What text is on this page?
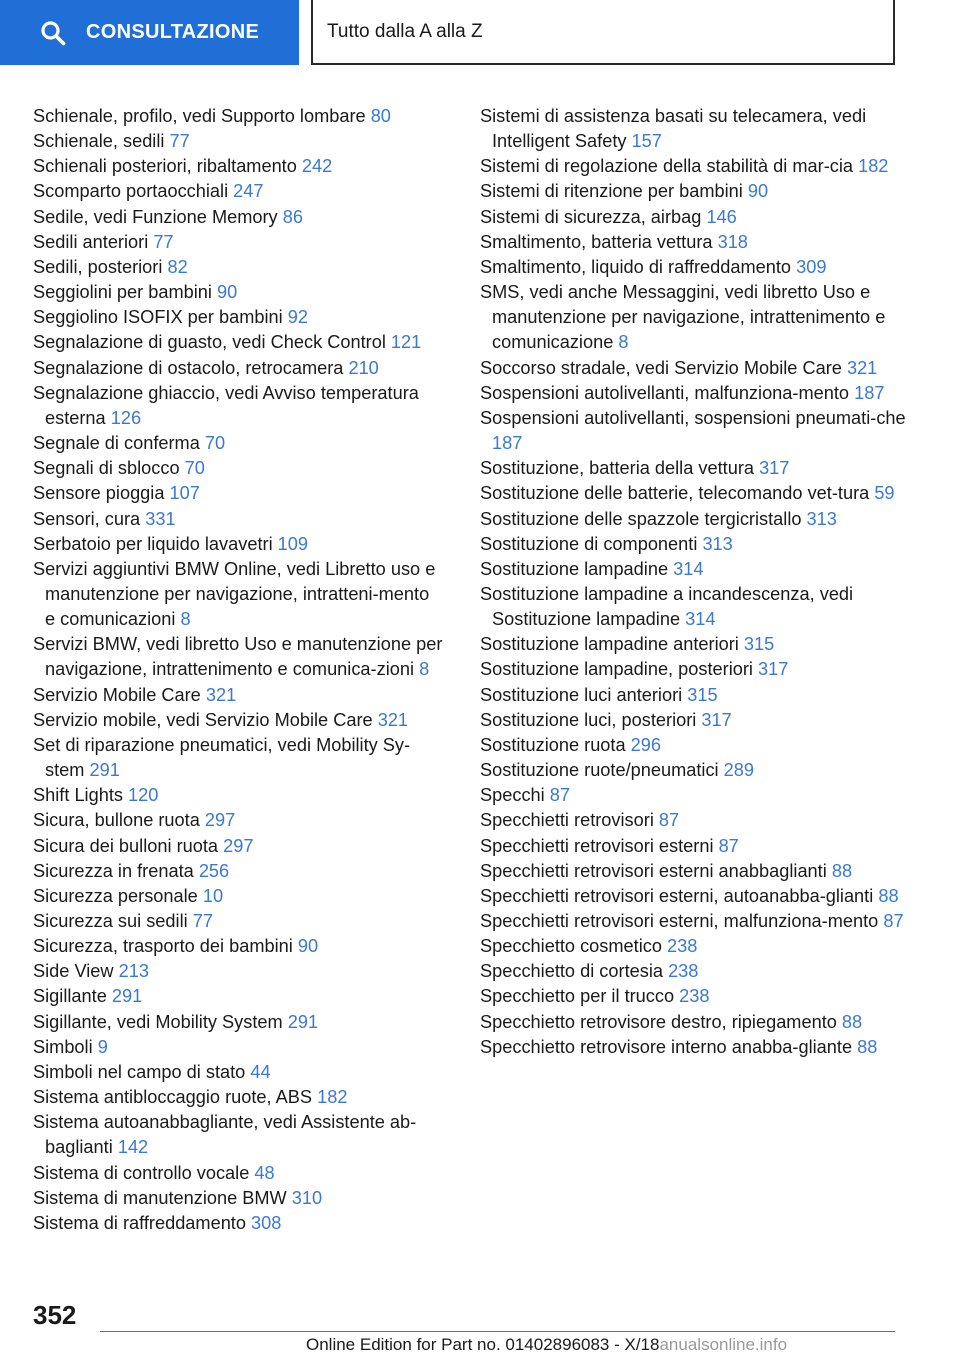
CONSULTAZIONE	Tutto dalla A alla Z
Schienale, profilo, vedi Supporto lombare 80
Schienale, sedili 77
Schienali posteriori, ribaltamento 242
Scomparto portaocchiali 247
Sedile, vedi Funzione Memory 86
Sedili anteriori 77
Sedili, posteriori 82
Seggiolini per bambini 90
Seggiolino ISOFIX per bambini 92
Segnalazione di guasto, vedi Check Control 121
Segnalazione di ostacolo, retrocamera 210
Segnalazione ghiaccio, vedi Avviso temperatura esterna 126
Segnale di conferma 70
Segnali di sblocco 70
Sensore pioggia 107
Sensori, cura 331
Serbatoio per liquido lavavetri 109
Servizi aggiuntivi BMW Online, vedi Libretto uso e manutenzione per navigazione, intratteni-mento e comunicazioni 8
Servizi BMW, vedi libretto Uso e manutenzione per navigazione, intrattenimento e comunica-zioni 8
Servizio Mobile Care 321
Servizio mobile, vedi Servizio Mobile Care 321
Set di riparazione pneumatici, vedi Mobility Sy-stem 291
Shift Lights 120
Sicura, bullone ruota 297
Sicura dei bulloni ruota 297
Sicurezza in frenata 256
Sicurezza personale 10
Sicurezza sui sedili 77
Sicurezza, trasporto dei bambini 90
Side View 213
Sigillante 291
Sigillante, vedi Mobility System 291
Simboli 9
Simboli nel campo di stato 44
Sistema antibloccaggio ruote, ABS 182
Sistema autoanabbagliante, vedi Assistente ab-baglianti 142
Sistema di controllo vocale 48
Sistema di manutenzione BMW 310
Sistema di raffreddamento 308
Sistemi di assistenza basati su telecamera, vedi Intelligent Safety 157
Sistemi di regolazione della stabilità di mar-cia 182
Sistemi di ritenzione per bambini 90
Sistemi di sicurezza, airbag 146
Smaltimento, batteria vettura 318
Smaltimento, liquido di raffreddamento 309
SMS, vedi anche Messaggini, vedi libretto Uso e manutenzione per navigazione, intrattenimento e comunicazione 8
Soccorso stradale, vedi Servizio Mobile Care 321
Sospensioni autolivellanti, malfunziona-mento 187
Sospensioni autolivellanti, sospensioni pneumati-che 187
Sostituzione, batteria della vettura 317
Sostituzione delle batterie, telecomando vet-tura 59
Sostituzione delle spazzole tergicristallo 313
Sostituzione di componenti 313
Sostituzione lampadine 314
Sostituzione lampadine a incandescenza, vedi Sostituzione lampadine 314
Sostituzione lampadine anteriori 315
Sostituzione lampadine, posteriori 317
Sostituzione luci anteriori 315
Sostituzione luci, posteriori 317
Sostituzione ruota 296
Sostituzione ruote/pneumatici 289
Specchi 87
Specchietti retrovisori 87
Specchietti retrovisori esterni 87
Specchietti retrovisori esterni anabbaglianti 88
Specchietti retrovisori esterni, autoanabba-glianti 88
Specchietti retrovisori esterni, malfunziona-mento 87
Specchietto cosmetico 238
Specchietto di cortesia 238
Specchietto per il trucco 238
Specchietto retrovisore destro, ripiegamento 88
Specchietto retrovisore interno anabba-gliante 88
352
Online Edition for Part no. 01402896083 - X/18anualsonline.info
